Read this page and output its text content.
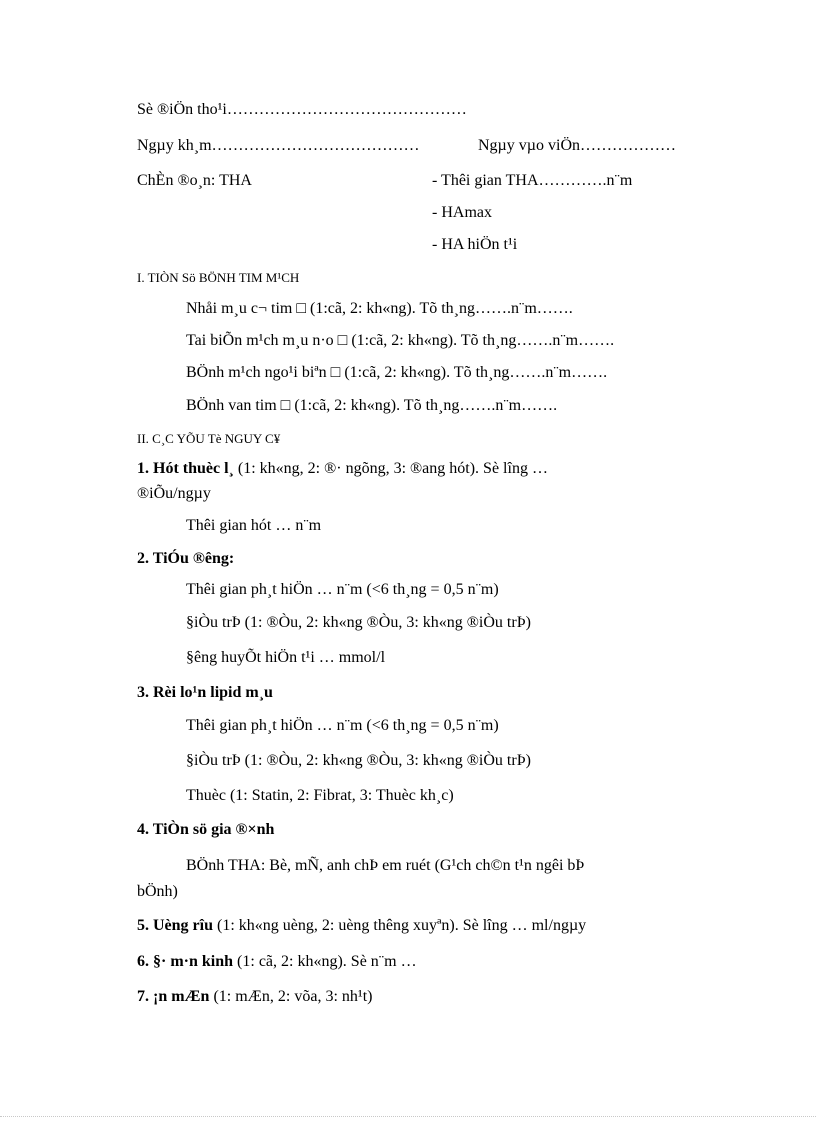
Sè ®iÖn tho¹i………………………………………
Ngµy kh¸m…………………………………	Ngµy vµo viÖn………………
ChÈn ®o¸n: THA	- Thêi gian THA………….n¨m
- HAmax
- HA hiÖn t¹i
I. TIÒN Sö BÖNH TIM M¹CH
Nhåi m¸u c¬ tim □ (1:cã, 2: kh«ng). Tõ th¸ng…….n¨m…….
Tai biÕn m¹ch m¸u n·o □ (1:cã, 2: kh«ng). Tõ th¸ng…….n¨m…….
BÖnh m¹ch ngo¹i biªn □ (1:cã, 2: kh«ng). Tõ th¸ng…….n¨m…….
BÖnh van tim □ (1:cã, 2: kh«ng). Tõ th¸ng…….n¨m…….
II. C¸C YÕU Tè NGUY C¥
1. Hót thuèc l¸ (1: kh«ng, 2: ®· ngõng, 3: ®ang hót). Sè lîng …
®iÕu/ngµy
Thêi gian hót … n¨m
2. TiÓu ®êng:
Thêi gian ph¸t hiÖn … n¨m (<6 th¸ng = 0,5 n¨m)
§iÒu trÞ (1: ®Òu, 2: kh«ng ®Òu, 3: kh«ng ®iÒu trÞ)
§êng huyÕt hiÖn t¹i … mmol/l
3. Rèi lo¹n lipid m¸u
Thêi gian ph¸t hiÖn … n¨m (<6 th¸ng = 0,5 n¨m)
§iÒu trÞ (1: ®Òu, 2: kh«ng ®Òu, 3: kh«ng ®iÒu trÞ)
Thuèc (1: Statin, 2: Fibrat, 3: Thuèc kh¸c)
4. TiÒn sö gia ®×nh
BÖnh THA: Bè, mÑ, anh chÞ em ruét (G¹ch ch©n t¹n ngêi bÞ
bÖnh)
5. Uèng rîu (1: kh«ng uèng, 2: uèng thêng xuyªn). Sè lîng … ml/ngµy
6. §· m·n kinh (1: cã, 2: kh«ng). Sè n¨m …
7. ¡n mÆn (1: mÆn, 2: võa, 3: nh¹t)
